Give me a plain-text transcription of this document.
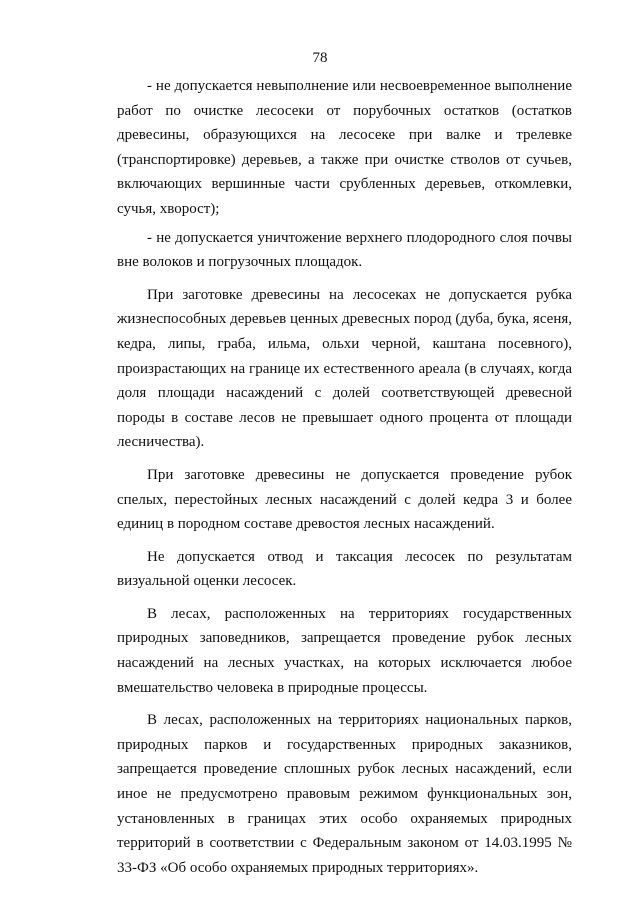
78

- не допускается невыполнение или несвоевременное выполнение работ по очистке лесосеки от порубочных остатков (остатков древесины, образующихся на лесосеке при валке и трелевке (транспортировке) деревьев, а также при очистке стволов от сучьев, включающих вершинные части срубленных деревьев, откомлевки, сучья, хворост);

- не допускается уничтожение верхнего плодородного слоя почвы вне волоков и погрузочных площадок.

При заготовке древесины на лесосеках не допускается рубка жизнеспособных деревьев ценных древесных пород (дуба, бука, ясеня, кедра, липы, граба, ильма, ольхи черной, каштана посевного), произрастающих на границе их естественного ареала (в случаях, когда доля площади насаждений с долей соответствующей древесной породы в составе лесов не превышает одного процента от площади лесничества).

При заготовке древесины не допускается проведение рубок спелых, перестойных лесных насаждений с долей кедра 3 и более единиц в породном составе древостоя лесных насаждений.

Не допускается отвод и таксация лесосек по результатам визуальной оценки лесосек.

В лесах, расположенных на территориях государственных природных заповедников, запрещается проведение рубок лесных насаждений на лесных участках, на которых исключается любое вмешательство человека в природные процессы.

В лесах, расположенных на территориях национальных парков, природных парков и государственных природных заказников, запрещается проведение сплошных рубок лесных насаждений, если иное не предусмотрено правовым режимом функциональных зон, установленных в границах этих особо охраняемых природных территорий в соответствии с Федеральным законом от 14.03.1995 № 33-ФЗ «Об особо охраняемых природных территориях».
